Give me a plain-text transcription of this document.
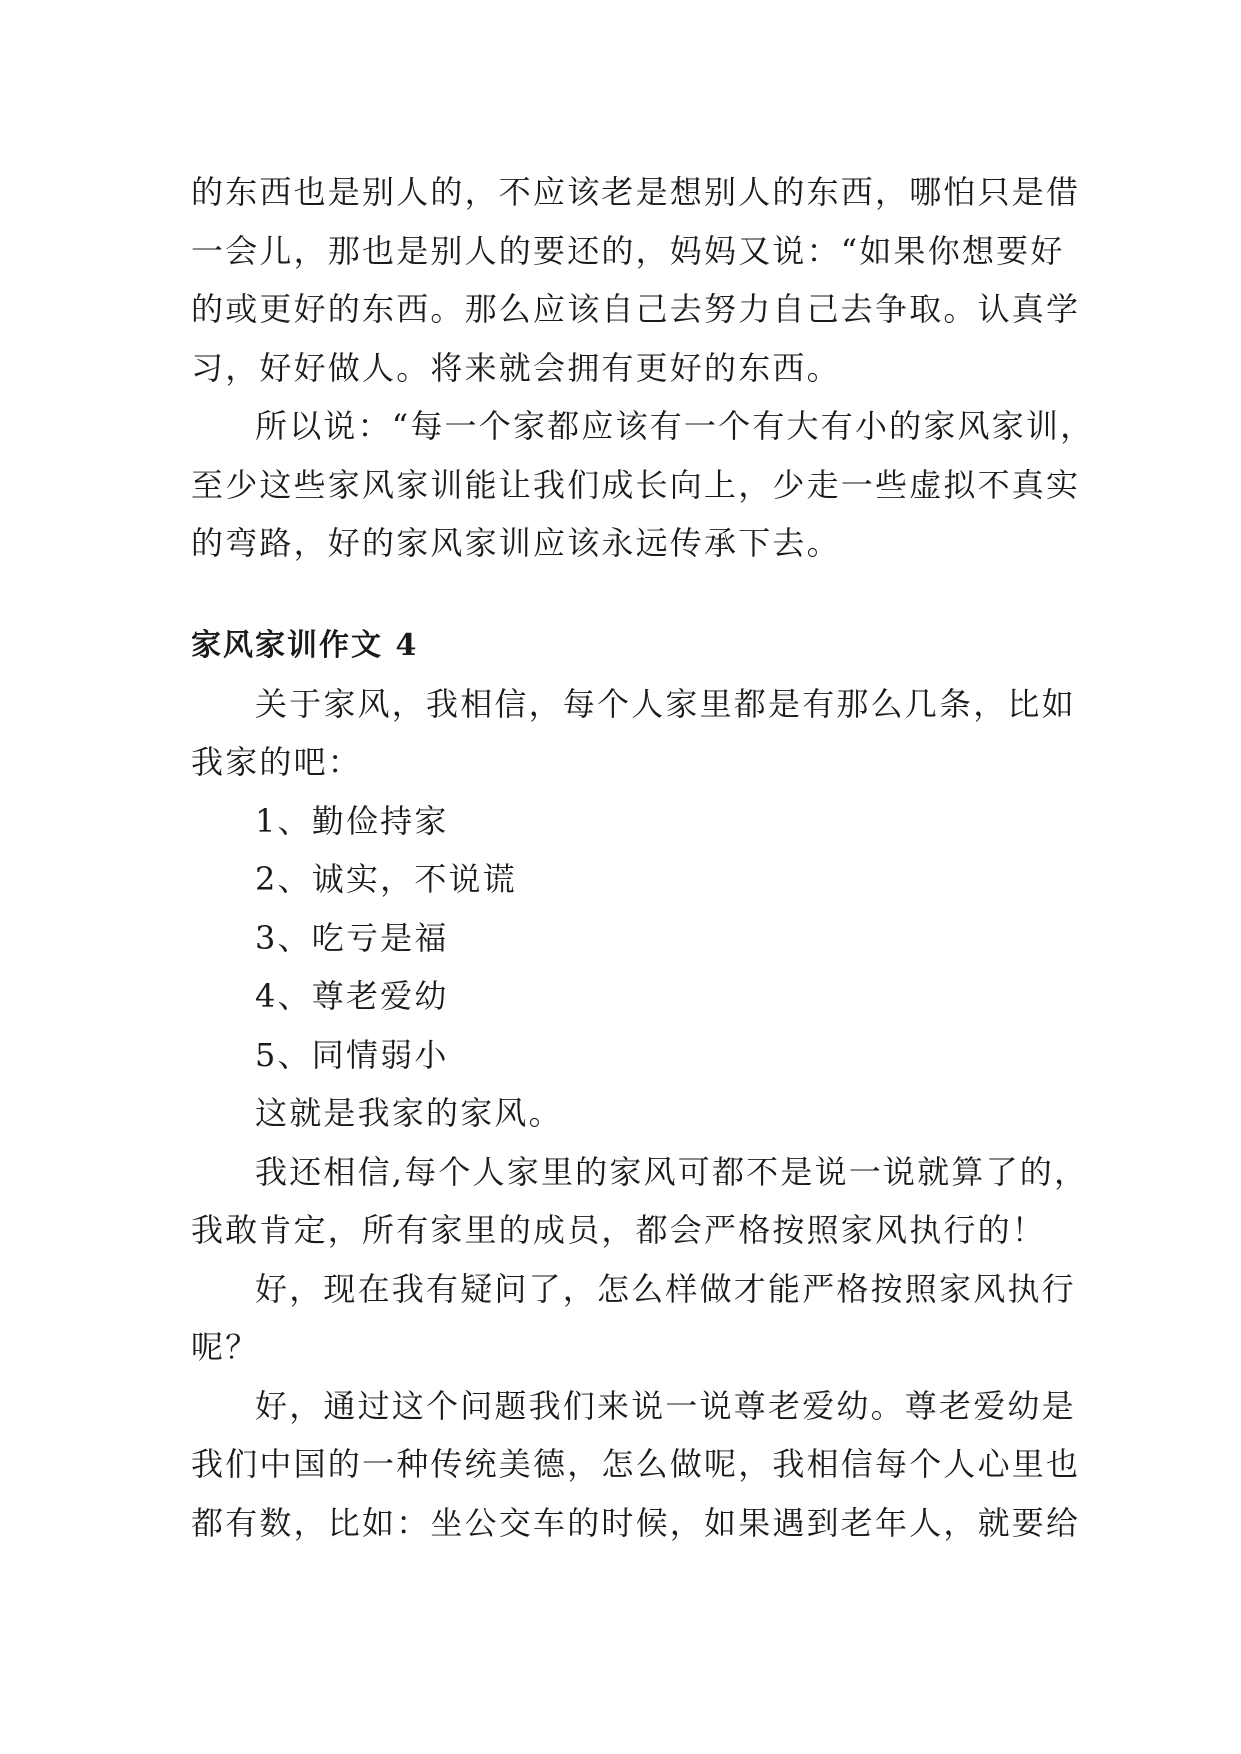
的东西也是别人的，不应该老是想别人的东西，哪怕只是借
一会儿，那也是别人的要还的，妈妈又说：“如果你想要好
的或更好的东西。那么应该自己去努力自己去争取。认真学
习，好好做人。将来就会拥有更好的东西。

所以说：“每一个家都应该有一个有大有小的家风家训，
至少这些家风家训能让我们成长向上，少走一些虚拟不真实
的弯路，好的家风家训应该永远传承下去。

家风家训作文 4

关于家风，我相信，每个人家里都是有那么几条，比如
我家的吧：

1、勤俭持家
2、诚实，不说谎
3、吃亏是福
4、尊老爱幼
5、同情弱小

这就是我家的家风。

我还相信,每个人家里的家风可都不是说一说就算了的，
我敢肯定，所有家里的成员，都会严格按照家风执行的！

好，现在我有疑问了，怎么样做才能严格按照家风执行
呢？

好，通过这个问题我们来说一说尊老爱幼。尊老爱幼是
我们中国的一种传统美德，怎么做呢，我相信每个人心里也
都有数，比如：坐公交车的时候，如果遇到老年人，就要给
